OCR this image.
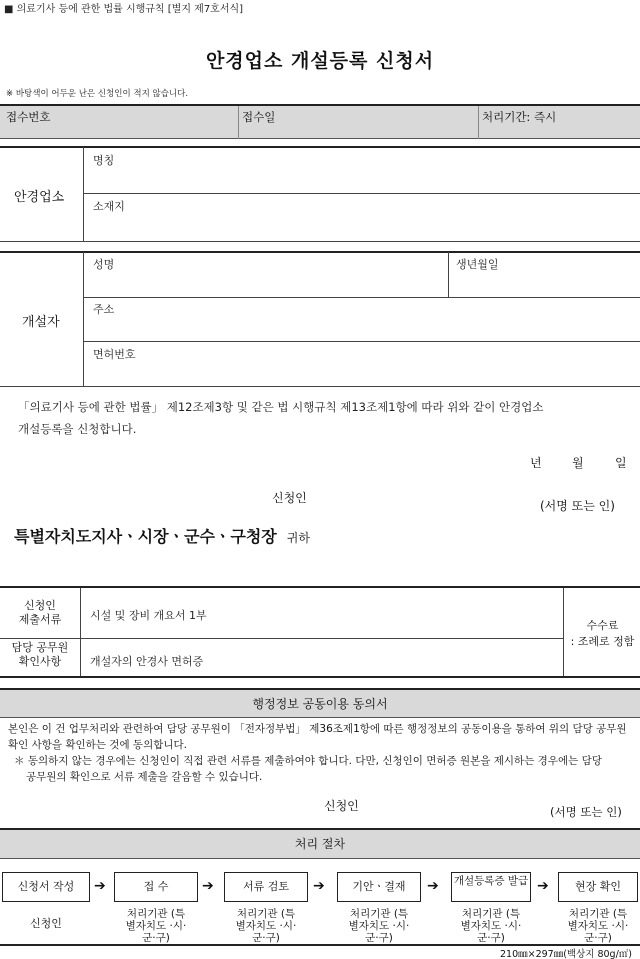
■ 의료기사 등에 관한 법률 시행규칙 [별지 제7호서식]
안경업소 개설등록 신청서
※ 바탕색이 어두운 난은 신청인이 적지 않습니다.
접수번호	접수일	처리기간: 즉시
안경업소
명칭
소재지
개설자
성명	생년월일
주소
면허번호
「의료기사 등에 관한 법률」 제12조제3항 및 같은 법 시행규칙 제13조제1항에 따라 위와 같이 안경업소
개설등록을 신청합니다.
년	월	일
신청인
(서명 또는 인)
특별자치도지사ㆍ시장ㆍ군수ㆍ구청장 귀하
신청인
제출서류	시설 및 장비 개요서 1부
담당 공무원
확인사항	개설자의 안경사 면허증
수수료
: 조례로 정함
행정정보 공동이용 동의서
본인은 이 건 업무처리와 관련하여 담당 공무원이 「전자정부법」 제36조제1항에 따른 행정정보의 공동이용을 통하여 위의 담당 공무원
확인 사항을 확인하는 것에 동의합니다.
＊ 동의하지 않는 경우에는 신청인이 직접 관련 서류를 제출하여야 합니다. 다만, 신청인이 면허증 원본을 제시하는 경우에는 담당
공무원의 확인으로 서류 제출을 갈음할 수 있습니다.
신청인	(서명 또는 인)
처리 절차
신청서 작성	➔	접 수	➔	서류 검토	➔	기안ㆍ결재	➔ 개설등록증 발급 ➔	현장 확인
신청인
처리기관 (특별자치도 ·시·군·구)
처리기관 (특별자치도 ·시·군·구)
처리기관 (특별자치도 ·시·군·구)
처리기관 (특별자치도 ·시·군·구)
처리기관 (특별자치도 ·시·군·구)
210㎜×297㎜(백상지 80g/㎡)
